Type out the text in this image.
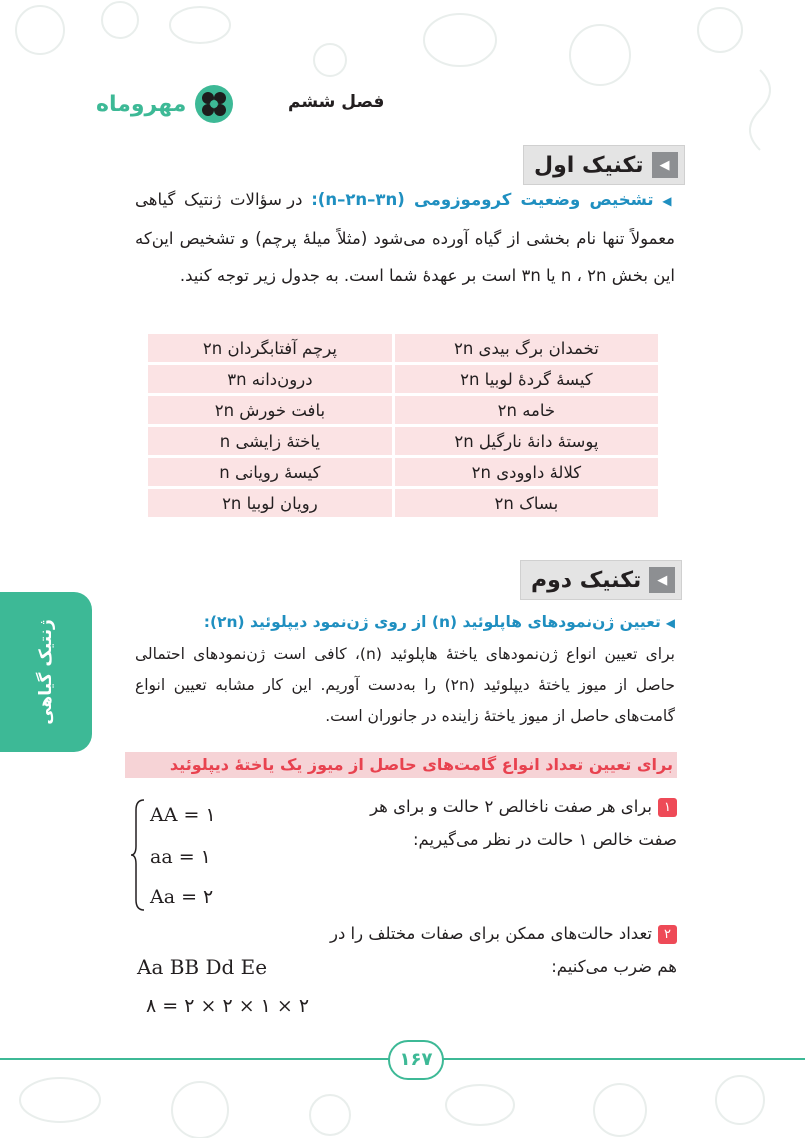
مهروماه	فصل ششم
◀
تکنیک اول
◀ تشخیص وضعیت کروموزومی (n–۲n–۳n): در سؤالات ژنتیک گیاهی معمولاً تنها نام بخشی از گیاه آورده می‌شود (مثلاً میلهٔ پرچم) و تشخیص این‌که این بخش n ، ۲n یا ۳n است بر عهدهٔ شما است. به جدول زیر توجه کنید.
تخمدان برگ بیدی ۲n	پرچم آفتابگردان ۲n
کیسهٔ گردهٔ لوبیا ۲n	درون‌دانه ۳n
خامه ۲n	بافت خورش ۲n
پوستهٔ دانهٔ نارگیل ۲n	یاختهٔ زایشی n
کلالهٔ داوودی ۲n	کیسهٔ رویانی n
بساک ۲n	رویان لوبیا ۲n
◀
تکنیک دوم
◀ تعیین ژن‌نمودهای هاپلوئید (n) از روی ژن‌نمود دیپلوئید (۲n):
برای تعیین انواع ژن‌نمودهای یاختهٔ هاپلوئید (n)، کافی است ژن‌نمودهای احتمالی حاصل از میوز یاختهٔ دیپلوئید (۲n) را به‌دست آوریم. این کار مشابه تعیین انواع گامت‌های حاصل از میوز یاختهٔ زاینده در جانوران است.
ژنتیک گیاهی
برای تعیین تعداد انواع گامت‌های حاصل از میوز یک یاختهٔ دیپلوئید
۱برای هر صفت ناخالص ۲ حالت و برای هر صفت خالص ۱ حالت در نظر می‌گیریم:
AA = ۱
aa = ۱
Aa = ۲
۲تعداد حالت‌های ممکن برای صفات مختلف را در هم ضرب می‌کنیم:
Aa BB Dd Ee
۲ × ۱ × ۲ × ۲ = ۸
۱۶۷
